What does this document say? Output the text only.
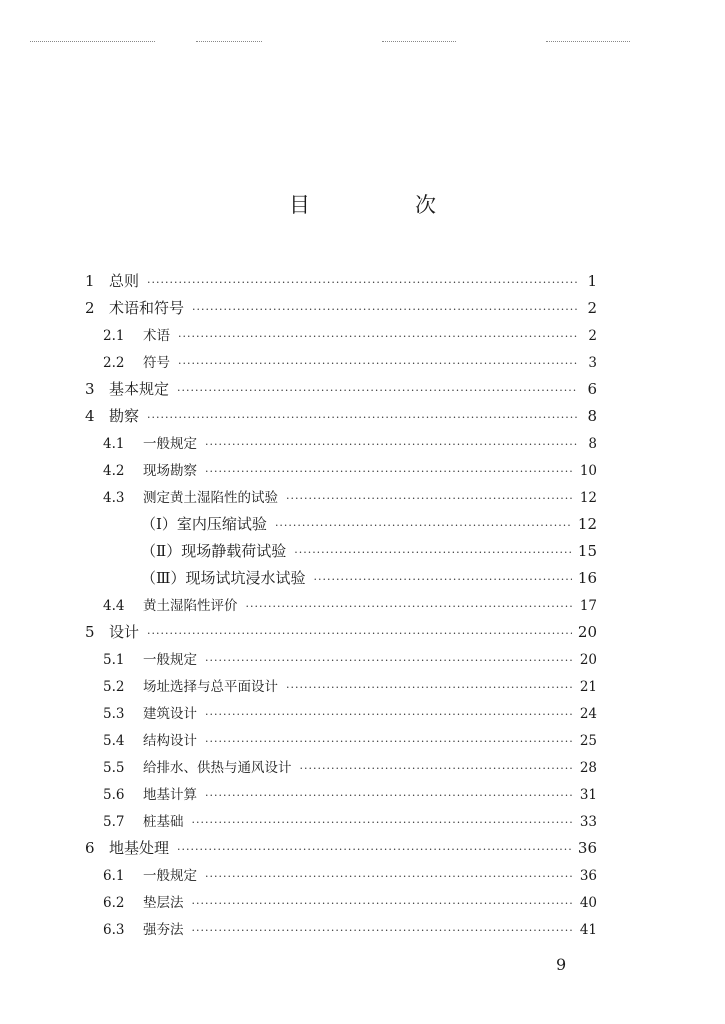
目　次
1 总则 ·····	1
2 术语和符号 ·····	2
2.1	术语 ·····	2
2.2	符号 ·····	3
3 基本规定 ·····	6
4 勘察 ·····	8
4.1	一般规定 ·····	8
4.2	现场勘察 ·····	10
4.3	测定黄土湿陷性的试验 ·····	12
（Ⅰ）室内压缩试验 ·····	12
（Ⅱ）现场静载荷试验 ·····	15
（Ⅲ）现场试坑浸水试验 ·····	16
4.4	黄土湿陷性评价 ·····	17
5 设计 ·····	20
5.1	一般规定 ·····	20
5.2	场址选择与总平面设计 ·····	21
5.3	建筑设计 ·····	24
5.4	结构设计 ·····	25
5.5	给排水、供热与通风设计 ·····	28
5.6	地基计算 ·····	31
5.7	桩基础 ·····	33
6 地基处理 ·····	36
6.1	一般规定 ·····	36
6.2	垫层法 ·····	40
6.3	强夯法 ·····	41
9
